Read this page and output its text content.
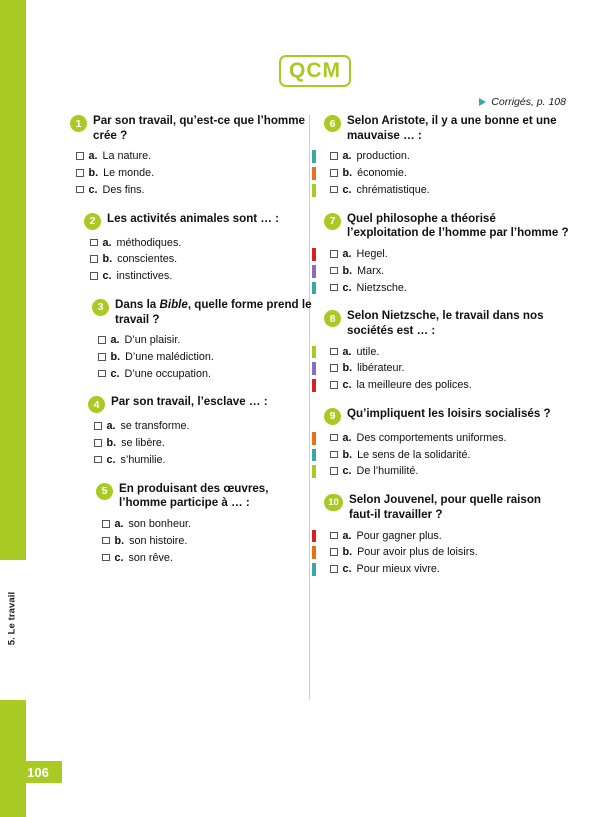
5. Le travail
106
QCM
Corrigés, p. 108
1 Par son travail, qu’est-ce que l’homme crée ?
a. La nature.
b. Le monde.
c. Des fins.
2 Les activités animales sont … :
a. méthodiques.
b. conscientes.
c. instinctives.
3 Dans la Bible, quelle forme prend le travail ?
a. D’un plaisir.
b. D’une malédiction.
c. D’une occupation.
4 Par son travail, l’esclave … :
a. se transforme.
b. se libère.
c. s’humilie.
5 En produisant des œuvres, l’homme participe à … :
a. son bonheur.
b. son histoire.
c. son rêve.
6 Selon Aristote, il y a une bonne et une mauvaise … :
a. production.
b. économie.
c. chrématistique.
7 Quel philosophe a théorisé l’exploitation de l’homme par l’homme ?
a. Hegel.
b. Marx.
c. Nietzsche.
8 Selon Nietzsche, le travail dans nos sociétés est … :
a. utile.
b. libérateur.
c. la meilleure des polices.
9 Qu’impliquent les loisirs socialisés ?
a. Des comportements uniformes.
b. Le sens de la solidarité.
c. De l’humilité.
10 Selon Jouvenel, pour quelle raison faut-il travailler ?
a. Pour gagner plus.
b. Pour avoir plus de loisirs.
c. Pour mieux vivre.
